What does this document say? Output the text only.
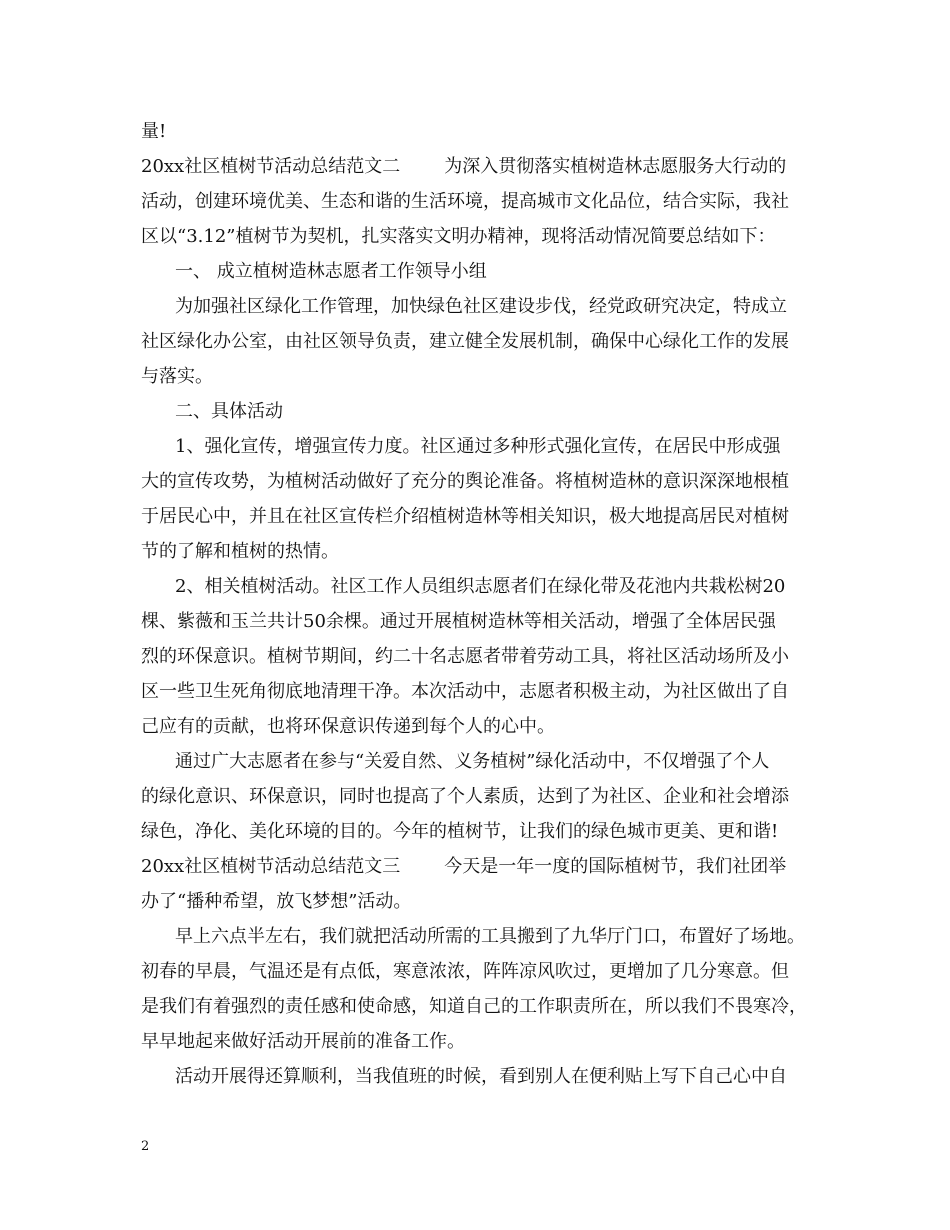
量!
20xx社区植树节活动总结范文二 为深入贯彻落实植树造林志愿服务大行动的
活动，创建环境优美、生态和谐的生活环境，提高城市文化品位，结合实际，我社
区以“3.12”植树节为契机，扎实落实文明办精神，现将活动情况简要总结如下：
一、 成立植树造林志愿者工作领导小组
为加强社区绿化工作管理，加快绿色社区建设步伐，经党政研究决定，特成立
社区绿化办公室，由社区领导负责，建立健全发展机制，确保中心绿化工作的发展
与落实。
二、具体活动
1、强化宣传，增强宣传力度。社区通过多种形式强化宣传，在居民中形成强
大的宣传攻势，为植树活动做好了充分的舆论准备。将植树造林的意识深深地根植
于居民心中，并且在社区宣传栏介绍植树造林等相关知识，极大地提高居民对植树
节的了解和植树的热情。
2、相关植树活动。社区工作人员组织志愿者们在绿化带及花池内共栽松树20
棵、紫薇和玉兰共计50余棵。通过开展植树造林等相关活动，增强了全体居民强
烈的环保意识。植树节期间，约二十名志愿者带着劳动工具，将社区活动场所及小
区一些卫生死角彻底地清理干净。本次活动中，志愿者积极主动，为社区做出了自
己应有的贡献，也将环保意识传递到每个人的心中。
通过广大志愿者在参与“关爱自然、义务植树”绿化活动中，不仅增强了个人
的绿化意识、环保意识，同时也提高了个人素质，达到了为社区、企业和社会增添
绿色，净化、美化环境的目的。今年的植树节，让我们的绿色城市更美、更和谐!
20xx社区植树节活动总结范文三 今天是一年一度的国际植树节，我们社团举
办了“播种希望，放飞梦想”活动。
早上六点半左右，我们就把活动所需的工具搬到了九华厅门口，布置好了场地。
初春的早晨，气温还是有点低，寒意浓浓，阵阵凉风吹过，更增加了几分寒意。但
是我们有着强烈的责任感和使命感，知道自己的工作职责所在，所以我们不畏寒冷，
早早地起来做好活动开展前的准备工作。
活动开展得还算顺利，当我值班的时候，看到别人在便利贴上写下自己心中自
2
